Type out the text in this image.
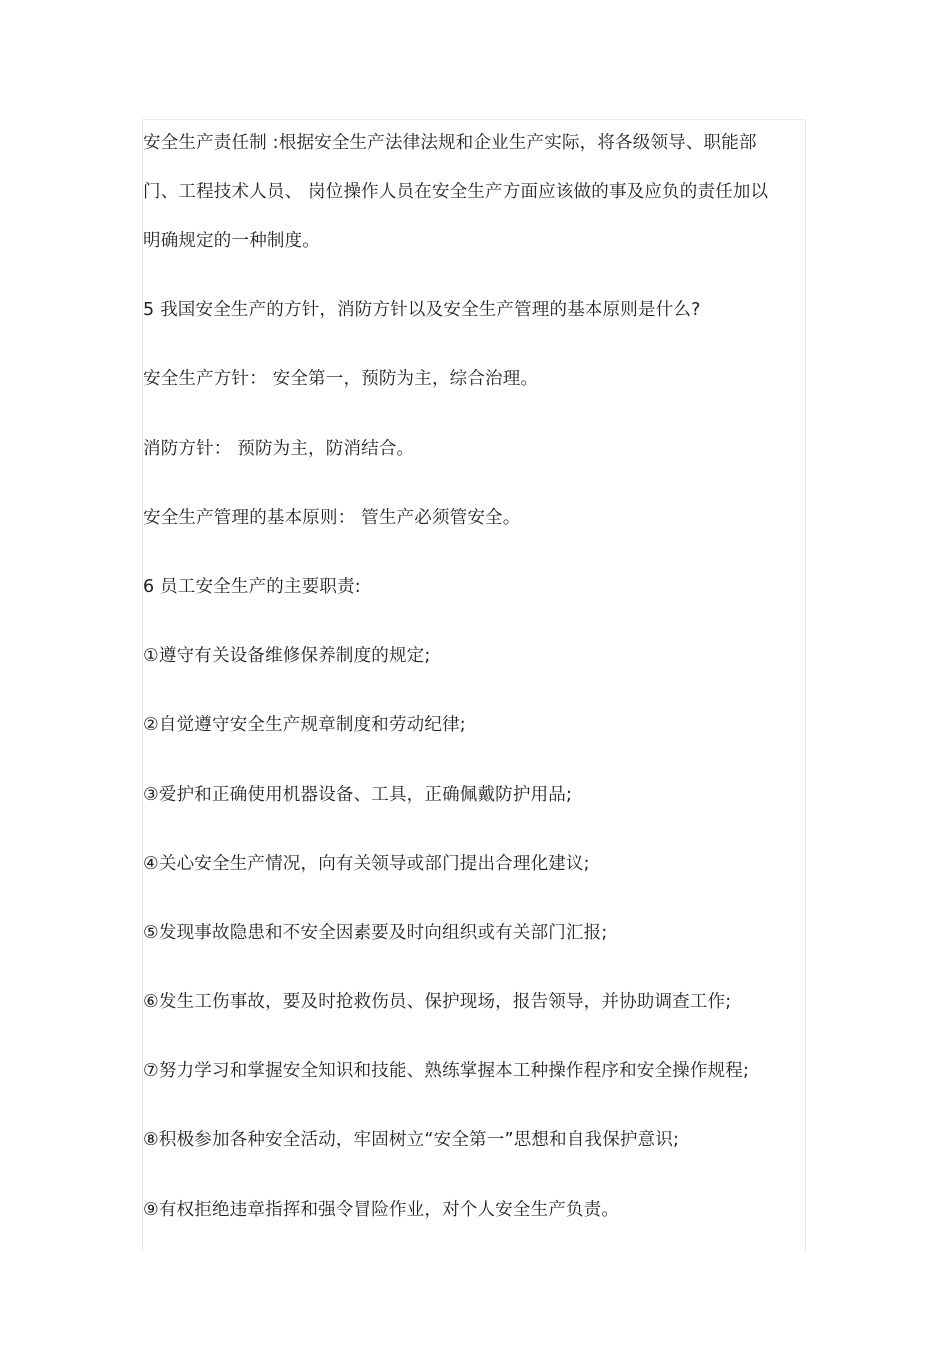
安全生产责任制 :根据安全生产法律法规和企业生产实际，将各级领导、职能部
门、工程技术人员、 岗位操作人员在安全生产方面应该做的事及应负的责任加以
明确规定的一种制度。
5 我国安全生产的方针，消防方针以及安全生产管理的基本原则是什么?
安全生产方针： 安全第一，预防为主，综合治理。
消防方针： 预防为主，防消结合。
安全生产管理的基本原则： 管生产必须管安全。
6 员工安全生产的主要职责:
①遵守有关设备维修保养制度的规定;
②自觉遵守安全生产规章制度和劳动纪律;
③爱护和正确使用机器设备、工具，正确佩戴防护用品;
④关心安全生产情况，向有关领导或部门提出合理化建议;
⑤发现事故隐患和不安全因素要及时向组织或有关部门汇报;
⑥发生工伤事故，要及时抢救伤员、保护现场，报告领导，并协助调查工作;
⑦努力学习和掌握安全知识和技能、熟练掌握本工种操作程序和安全操作规程;
⑧积极参加各种安全活动，牢固树立“安全第一”思想和自我保护意识;
⑨有权拒绝违章指挥和强令冒险作业，对个人安全生产负责。
